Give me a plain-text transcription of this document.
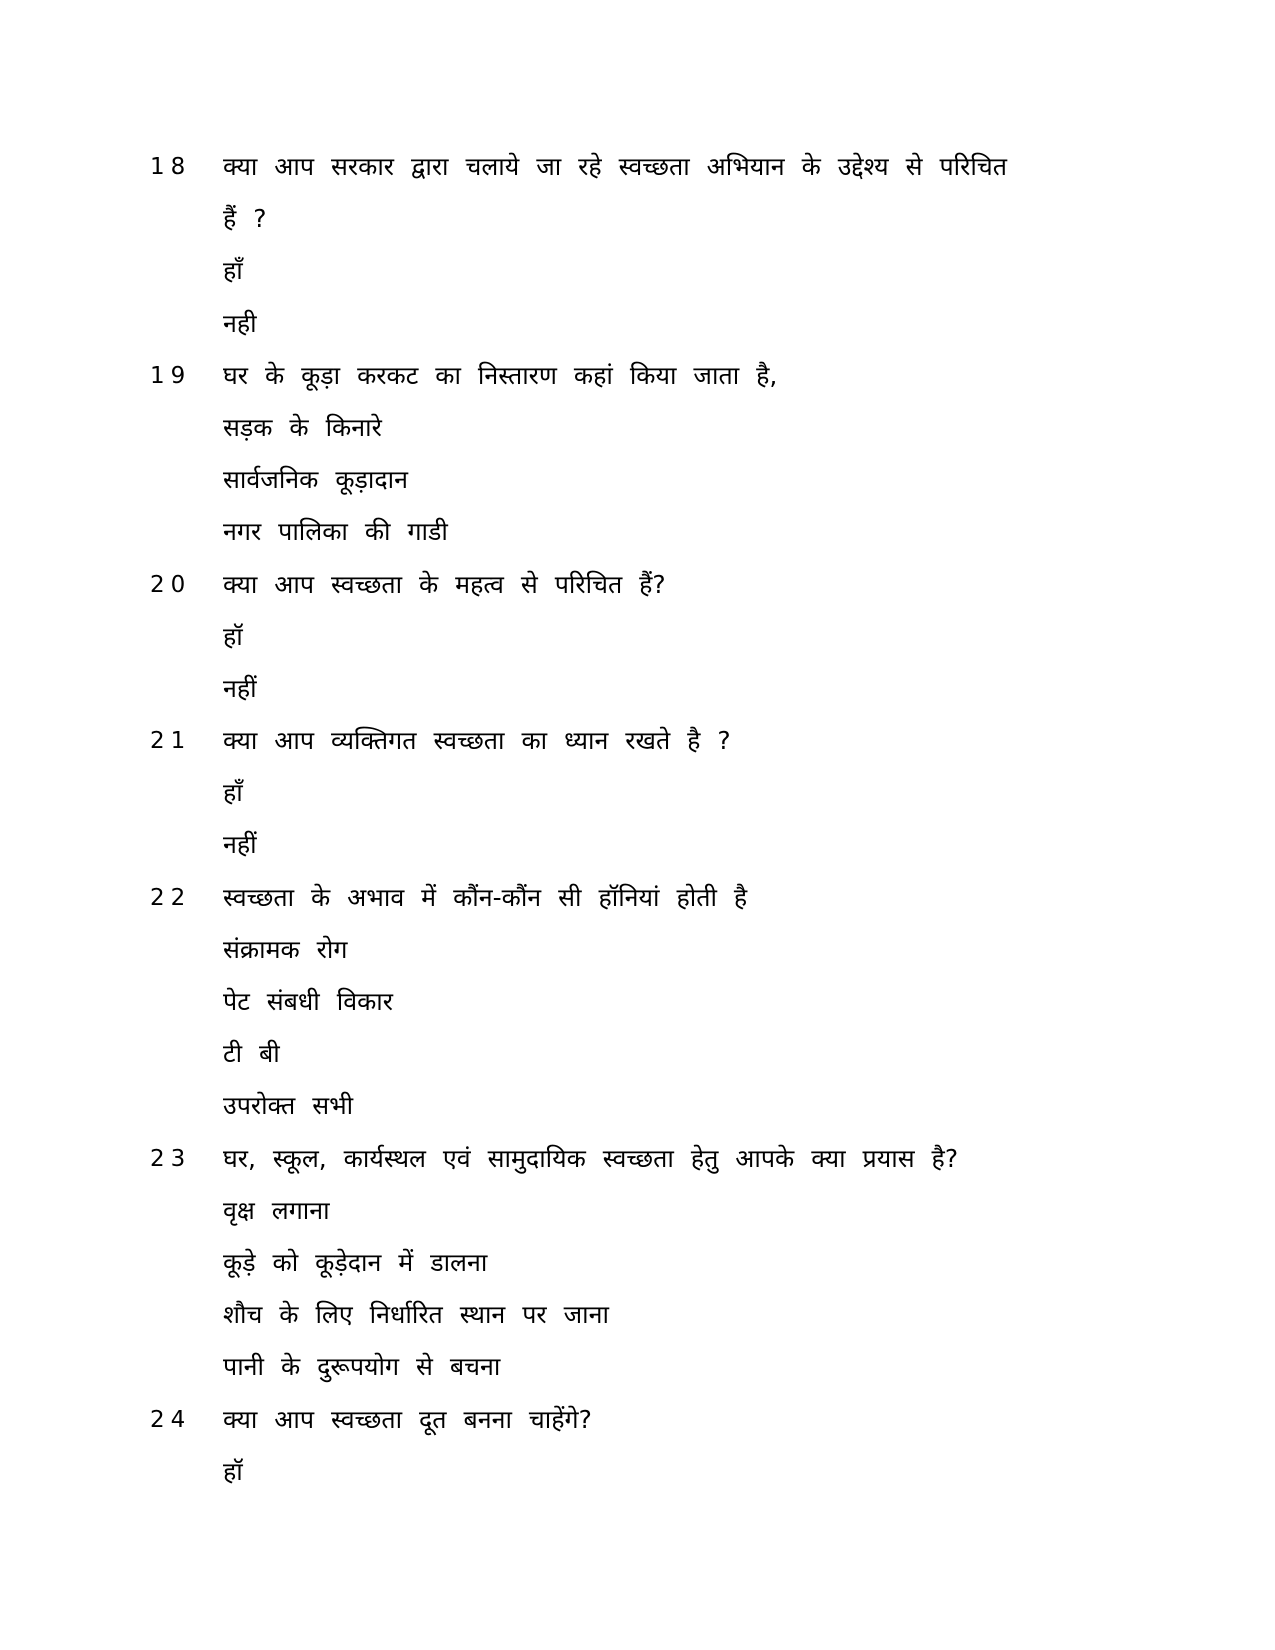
18	क्या आप सरकार द्वारा चलाये जा रहे स्वच्छता अभियान के उद्देश्य से परिचित
हैं ?
हाँ
नही
19	घर के कूड़ा करकट का निस्तारण कहां किया जाता है,
सड़क के किनारे
सार्वजनिक कूड़ादान
नगर पालिका की गाडी
20	क्या आप स्वच्छता के महत्व से परिचित हैं?
हॉ
नहीं
21	क्या आप व्यक्तिगत स्वच्छता का ध्यान रखते है ?
हाँ
नहीं
22	स्वच्छता के अभाव में कौंन-कौंन सी हॉनियां होती है
संक्रामक रोग
पेट संबधी विकार
टी बी
उपरोक्त सभी
23	घर, स्कूल, कार्यस्थल एवं सामुदायिक स्वच्छता हेतु आपके क्या प्रयास है?
वृक्ष लगाना
कूड़े को कूड़ेदान में डालना
शौच के लिए निर्धारित स्थान पर जाना
पानी के दुरूपयोग से बचना
24	क्या आप स्वच्छता दूत बनना चाहेंगे?
हॉ
